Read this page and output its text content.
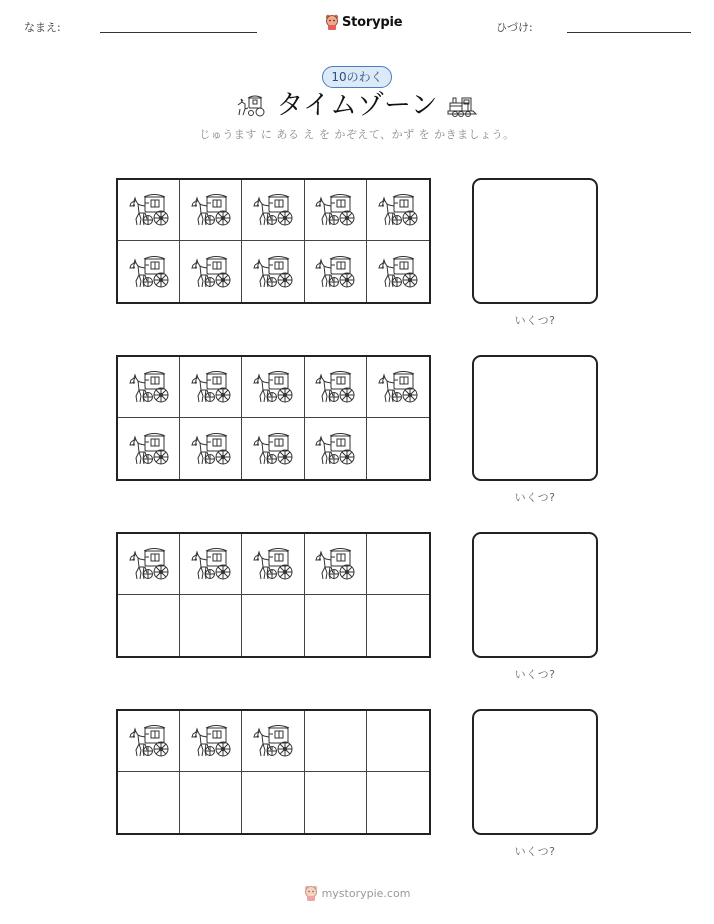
なまえ:	Storypie	ひづけ:
10のわく
タイムゾーン
じゅうます に ある え を かぞえて、かず を かきましょう。
いくつ?
いくつ?
いくつ?
いくつ?
mystorypie.com
